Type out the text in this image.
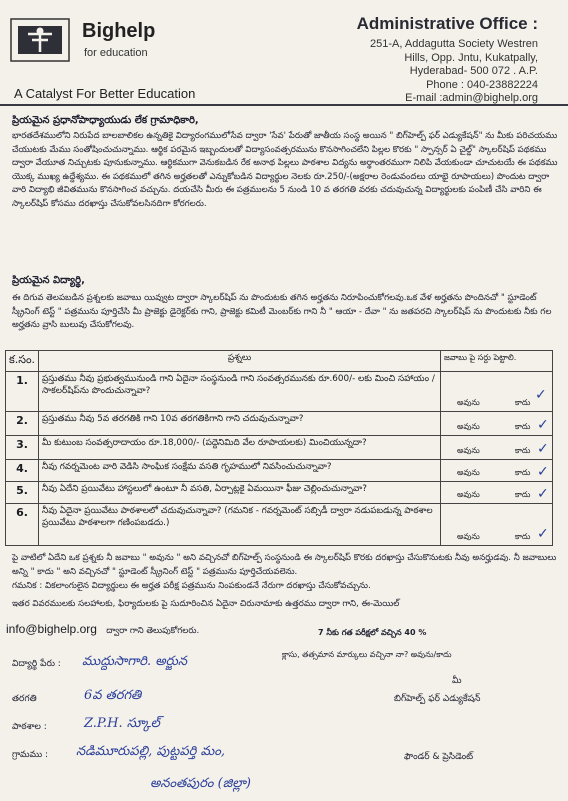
Bighelp
for education
A Catalyst For Better Education
Administrative Office :
251-A, Addagutta Society Westren
Hills, Opp. Jntu, Kukatpally,
Hyderabad- 500 072 . A.P.
Phone : 040-23882224
E-mail :admin@bighelp.org
ప్రియమైన ప్రధానోపాధ్యాయుడు లేక గ్రామాధికారి,
భారతదేశములోని నిరుపేద బాలబాలికల ఉన్నతికై విద్యారంగములోసేవ ద్వారా 'సేవ' పేరుతో జాతీయ సంస్థ అయిన " బిగ్‌హెల్ప్ ఫర్ ఎడ్యుకేషన్" ను మీకు పరిచయము చేయుటకు మేము సంతోషించుచున్నాము. ఆర్థిక పరమైన ఇబ్బందులతో విద్యాసంవత్సరమును కొనసాగించలేని పిల్లల కొరకు " స్పాన్సర్ ఏ చైల్డ్" స్కాలర్‌షిప్ పథకము ద్వారా వేయూత నిచ్చుటకు పూనుకున్నాము. ఆర్థికముగా వెనుకబడిన రేక అనాథ పిల్లలు పాఠశాల విద్యను అర్థాంతరముగా నిలిపి వేయకుండా చూచుటయే ఈ పథకము యొక్క ముఖ్య ఉద్దేశ్యము. ఈ పథకములో తగిన అర్హతలతో ఎన్నుకోబడిన విద్యార్థుల నెలకు రూ.250/-(అక్షరాల రెండువందలు యాభై రూపాయలు) పొందుట ద్వారా వారి విద్యాభి జీవితమును కొనసాగించ వచ్చును. దయచేసి మీరు ఈ పత్రములను 5 నుండి 10 వ తరగతి వరకు చదువుచున్న విద్యార్థులకు పంపిణీ చేసి వారిని ఈ స్కాలర్‌షిప్ కోసము దరఖాస్తు చేసుకోవలసినదిగా కోరగలరు.
ప్రియమైన విద్యార్థి,
ఈ దిగువ తెలపబడిన ప్రశ్నలకు జవాబు యివ్వుట ద్వారా స్కాలర్‌షిప్ ను పొందుటకు తగిన అర్హతను నిరూపించుకోగలవు.ఒక వేళ అర్హతను పొందినచో " స్టూడెంట్ స్క్రీనింగ్ టెస్ట్ " పత్రమును పూర్తిచేసి మీ ప్రాజెక్టు డైరెక్టర్‌కు గాని, ప్రాజెక్టు కమిటీ మెంబర్‌కు గాని నీ " ఆయా - దేవా " ను జతపరచి స్కాలర్‌షిప్ ను పొందుటకు నీకు గల అర్హతను వ్రాసి బులువు చేసుకోగలవు.
క.సం.	ప్రశ్నలు	జవాబు పై సర్దు పెట్టాలి.
1.	ప్రస్తుతము నీవు ప్రభుత్వమునుండి గాని ఏదైనా సంస్థనుండి గాని సంవత్సరమునకు రూ.600/- లకు మించి సహాయం / సాకలర్‌షిప్‌ను పొందుచున్నావా?	అవును కాదు ✓

2.	ప్రస్తుతము నీవు 5వ తరగతికి గాని 10వ తరగతికిగాని గాని చదువుచున్నావా?	అవును కాదు ✓

3.	మీ కుటుంబ సంవత్సరాదాయం రూ.18,000/- (పద్దెనిమిది వేల రూపాయలకు) మించియున్నదా?	అవును కాదు ✓

4.	నీవు గవర్నమెంట వారి వెడిసి సాంఘిక సంక్షేమ వసతి గృహములో నివసించుచున్నావా?	అవును కాదు ✓

5.	నీవు ఏదేని ప్రయివేటు హాస్టలులో ఉంటూ నీ వసతి, ఏర్పాట్లకై ఏమయినా ఫీజు చెల్లించుచున్నావా?	అవును కాదు ✓

6.	నీవు ఏదైనా ప్రయివేటు పాఠశాలలో చదువుచున్నావా? (గమనిక - గవర్నమెంట్ సబ్సిడీ ద్వారా నడుపబడున్న పాఠశాల ప్రయివేటు పాఠశాలగా గణింపబడదు.)	అవును కాదు ✓
పై వాటిలో ఏదేని ఒక ప్రశ్నకు నీ జవాబు " అవును " అని వచ్చినచో బిగ్‌హెల్ప్ సంస్థనుండి ఈ స్కాలర్‌షిప్ కొరకు దరఖాస్తు చేసుకొనుటకు నీవు అనర్హుడవు. నీ జవాబులు అన్ని " కాదు " అని వచ్చినచో " స్టూడెంట్ స్క్రీనింగ్ టెస్ట్ " పత్రమును పూర్తిచేయవలెను.
గమనిక : వికలాంగులైన విద్యార్థులు ఈ అర్హత పరీక్ష పత్రమును నింపకుండనే నేరుగా దరఖాస్తు చేసుకోవచ్చును.
ఇతర వివరములకు సలహాలకు, ఫిర్యాదులకు పై సుదూరించిన ఏదైనా చిరునామాకు ఉత్తరము ద్వారా గాని, ఈ-మెయిల్
info@bighelp.org ద్వారా గాని తెలుపుకోగలరు.	7 నీకు గత పరీక్షలో వచ్చిన 40 %
క్లాసు, తత్సమాన మార్కులు వచ్చినా నా? అవును/కాదు
విద్యార్థి పేరు : ముద్దుసాగారి. అర్జున
తరగతి	6వ తరగతి
పాఠశాల :	Z.P.H. స్కూల్
గ్రామము : నడిమూరుపల్లి, పుట్టపర్తి మం,
అనంతపురం (జిల్లా)
మీ
బిగ్‌హెల్ప్ ఫర్ ఎడ్యుకేషన్
ఫౌండర్ & ప్రెసిడెంట్
